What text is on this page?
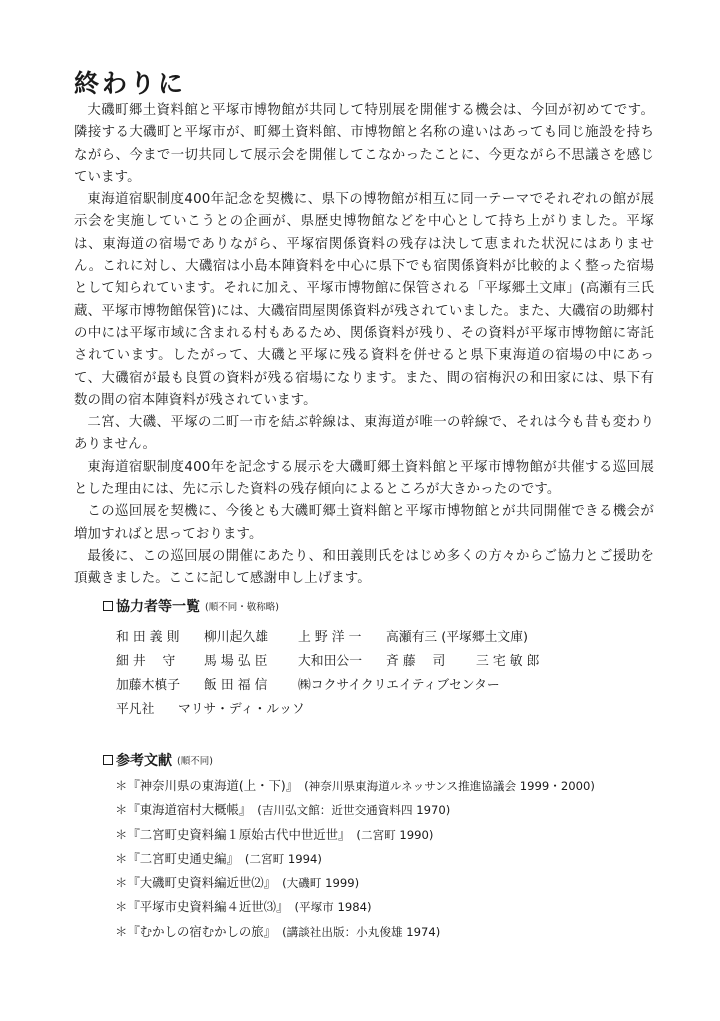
終わりに

大磯町郷土資料館と平塚市博物館が共同して特別展を開催する機会は、今回が初めてです。隣接する大磯町と平塚市が、町郷土資料館、市博物館と名称の違いはあっても同じ施設を持ちながら、今まで一切共同して展示会を開催してこなかったことに、今更ながら不思議さを感じています。

東海道宿駅制度400年記念を契機に、県下の博物館が相互に同一テーマでそれぞれの館が展示会を実施していこうとの企画が、県歴史博物館などを中心として持ち上がりました。平塚は、東海道の宿場でありながら、平塚宿関係資料の残存は決して恵まれた状況にはありません。これに対し、大磯宿は小島本陣資料を中心に県下でも宿関係資料が比較的よく整った宿場として知られています。それに加え、平塚市博物館に保管される「平塚郷土文庫」(高瀬有三氏蔵、平塚市博物館保管)には、大磯宿問屋関係資料が残されていました。また、大磯宿の助郷村の中には平塚市域に含まれる村もあるため、関係資料が残り、その資料が平塚市博物館に寄託されています。したがって、大磯と平塚に残る資料を併せると県下東海道の宿場の中にあって、大磯宿が最も良質の資料が残る宿場になります。また、間の宿梅沢の和田家には、県下有数の間の宿本陣資料が残されています。

二宮、大磯、平塚の二町一市を結ぶ幹線は、東海道が唯一の幹線で、それは今も昔も変わりありません。

東海道宿駅制度400年を記念する展示を大磯町郷土資料館と平塚市博物館が共催する巡回展とした理由には、先に示した資料の残存傾向によるところが大きかったのです。

この巡回展を契機に、今後とも大磯町郷土資料館と平塚市博物館とが共同開催できる機会が増加すればと思っております。

最後に、この巡回展の開催にあたり、和田義則氏をはじめ多くの方々からご協力とご援助を頂戴きました。ここに記して感謝申し上げます。

協力者等一覧 (順不同・敬称略)
和 田 義 則 柳川起久雄 上 野 洋 一 高瀬有三 (平塚郷土文庫)
細 井 　守 馬 場 弘 臣 大和田公一 斉 藤 　司 三 宅 敏 郎
加藤木槙子 飯 田 福 信 ㈱コクサイクリエイティブセンター
平凡社 マリサ・ディ・ルッソ
参考文献 (順不同)
＊『神奈川県の東海道(上・下)』 (神奈川県東海道ルネッサンス推進協議会 1999・2000)
＊『東海道宿村大概帳』 (吉川弘文館：近世交通資料四 1970)
＊『二宮町史資料編１原始古代中世近世』 (二宮町 1990)
＊『二宮町史通史編』 (二宮町 1994)
＊『大磯町史資料編近世⑵』 (大磯町 1999)
＊『平塚市史資料編４近世⑶』 (平塚市 1984)
＊『むかしの宿むかしの旅』 (講談社出版：小丸俊雄 1974)
